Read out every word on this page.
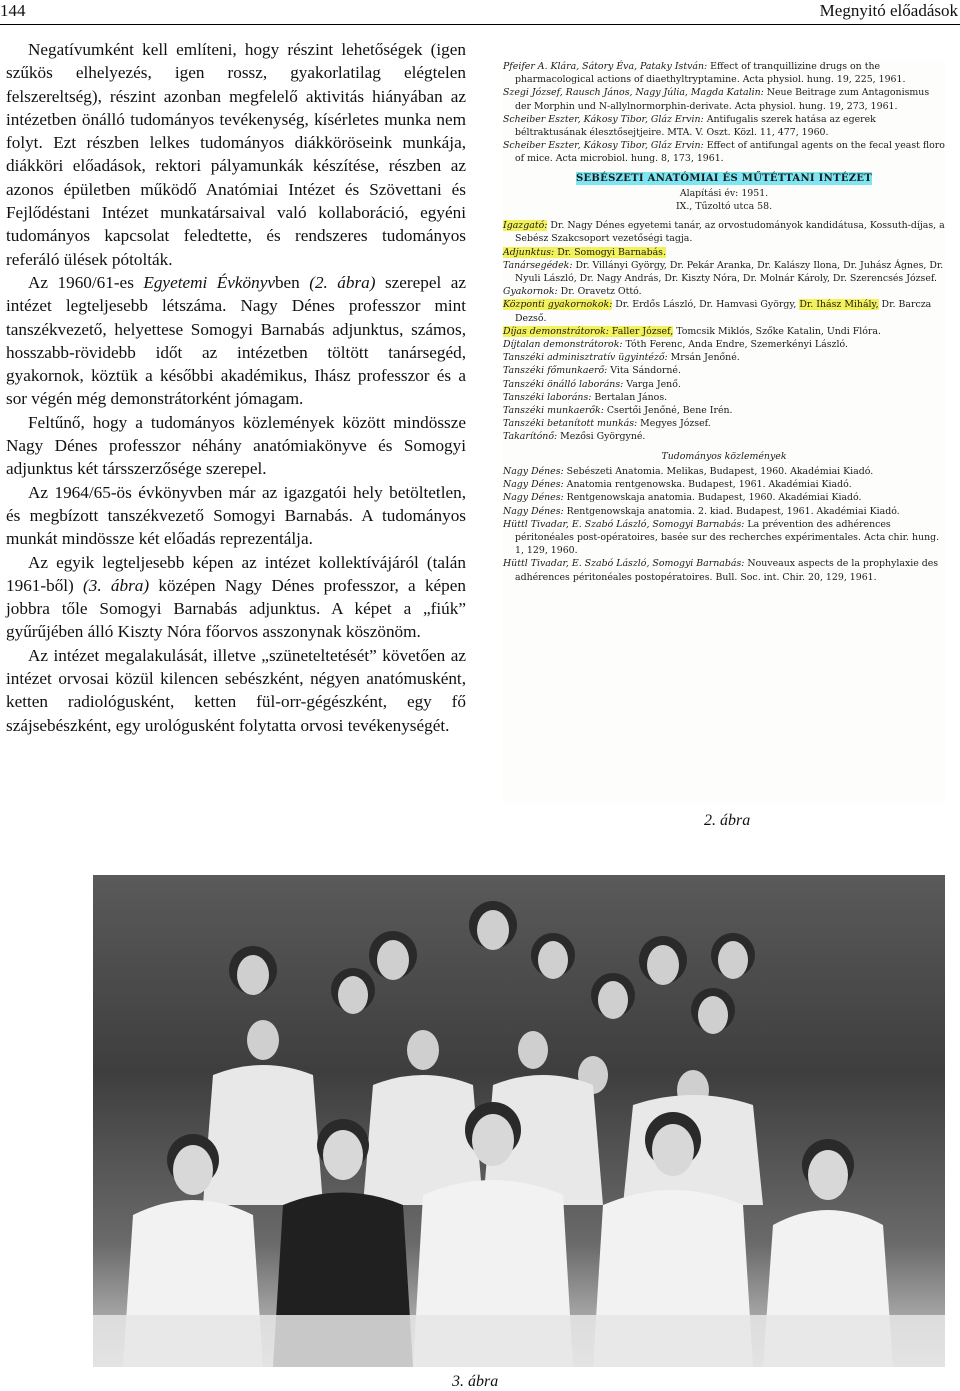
144	Megnyitó előadások

Negatívumként kell említeni, hogy részint lehetőségek (igen szűkös elhelyezés, igen rossz, gyakorlatilag elégtelen felszereltség), részint azonban megfelelő aktivitás hiányában az intézetben önálló tudományos tevékenység, kísérletes munka nem folyt. Ezt részben lelkes tudományos diákköröseink munkája, diákköri előadások, rektori pályamunkák készítése, részben az azonos épületben működő Anatómiai Intézet és Szövettani és Fejlődéstani Intézet munkatársaival való kollaboráció, egyéni tudományos kapcsolat feledtette, és rendszeres tudományos referáló ülések pótolták.

Az 1960/61-es Egyetemi Évkönyvben (2. ábra) szerepel az intézet legteljesebb létszáma. Nagy Dénes professzor mint tanszékvezető, helyettese Somogyi Barnabás adjunktus, számos, hosszabb-rövidebb időt az intézetben töltött tanársegéd, gyakornok, köztük a későbbi akadémikus, Ihász professzor és a sor végén még demonstrátorként jómagam.

Feltűnő, hogy a tudományos közlemények között mindössze Nagy Dénes professzor néhány anatómiakönyve és Somogyi adjunktus két társszerzősége szerepel.

Az 1964/65-ös évkönyvben már az igazgatói hely betöltetlen, és megbízott tanszékvezető Somogyi Barnabás. A tudományos munkát mindössze két előadás reprezentálja.

Az egyik legteljesebb képen az intézet kollektívájáról (talán 1961-ből) (3. ábra) középen Nagy Dénes professzor, a képen jobbra tőle Somogyi Barnabás adjunktus. A képet a „fiúk” gyűrűjében álló Kiszty Nóra főorvos asszonynak köszönöm.

Az intézet megalakulását, illetve „szüneteltetését” követően az intézet orvosai közül kilencen sebészként, négyen anatómusként, ketten radiológusként, ketten fül-orr-gégészként, egy fő szájsebészként, egy urológusként folytatta orvosi tevékenységét.

Pfeifer A. Klára, Sátory Éva, Pataky István: Effect of tranquillizine drugs on the pharmacological actions of diaethyltryptamine. Acta physiol. hung. 19, 225, 1961.

Szegi József, Rausch János, Nagy Júlia, Magda Katalin: Neue Beitrage zum Antagonismus der Morphin und N-allylnormorphin-derivate. Acta physiol. hung. 19, 273, 1961.

Scheiber Eszter, Kákosy Tibor, Gláz Ervin: Antifugalis szerek hatása az egerek béltraktusának élesztősejtjeire. MTA. V. Oszt. Közl. 11, 477, 1960.

Scheiber Eszter, Kákosy Tibor, Gláz Ervin: Effect of antifungal agents on the fecal yeast floro of mice. Acta microbiol. hung. 8, 173, 1961.

SEBÉSZETI ANATÓMIAI ÉS MŰTÉTTANI INTÉZET
Alapítási év: 1951.
IX., Tűzoltó utca 58.

Igazgató: Dr. Nagy Dénes egyetemi tanár, az orvostudományok kandidátusa, Kossuth-díjas, a Sebész Szakcsoport vezetőségi tagja.

Adjunktus: Dr. Somogyi Barnabás.

Tanársegédek: Dr. Villányi György, Dr. Pekár Aranka, Dr. Kalászy Ilona, Dr. Juhász Ágnes, Dr. Nyuli László, Dr. Nagy András, Dr. Kiszty Nóra, Dr. Molnár Károly, Dr. Szerencsés József.

Gyakornok: Dr. Oravetz Ottó.

Központi gyakornokok: Dr. Erdős László, Dr. Hamvasi György, Dr. Ihász Mihály, Dr. Barcza Dezső.

Díjas demonstrátorok: Faller József, Tomcsik Miklós, Szőke Katalin, Undi Flóra.

Díjtalan demonstrátorok: Tóth Ferenc, Anda Endre, Szemerkényi László.

Tanszéki adminisztratív ügyintéző: Mrsán Jenőné.

Tanszéki főmunkaerő: Vita Sándorné.

Tanszéki önálló laboráns: Varga Jenő.

Tanszéki laboráns: Bertalan János.

Tanszéki munkaerők: Csertői Jenőné, Bene Irén.

Tanszéki betanított munkás: Megyes József.

Takarítónő: Mezősi Györgyné.

Tudományos közlemények

Nagy Dénes: Sebészeti Anatomia. Melikas, Budapest, 1960. Akadémiai Kiadó.

Nagy Dénes: Anatomia rentgenowska. Budapest, 1961. Akadémiai Kiadó.

Nagy Dénes: Rentgenowskaja anatomia. Budapest, 1960. Akadémiai Kiadó.

Nagy Dénes: Rentgenowskaja anatomia. 2. kiad. Budapest, 1961. Akadémiai Kiadó.

Hüttl Tivadar, E. Szabó László, Somogyi Barnabás: La prévention des adhérences péritonéales post-opératoires, basée sur des recherches expérimentales. Acta chir. hung. 1, 129, 1960.

Hüttl Tivadar, E. Szabó László, Somogyi Barnabás: Nouveaux aspects de la prophylaxie des adhérences péritonéales postopératoires. Bull. Soc. int. Chir. 20, 129, 1961.

2. ábra
3. ábra
